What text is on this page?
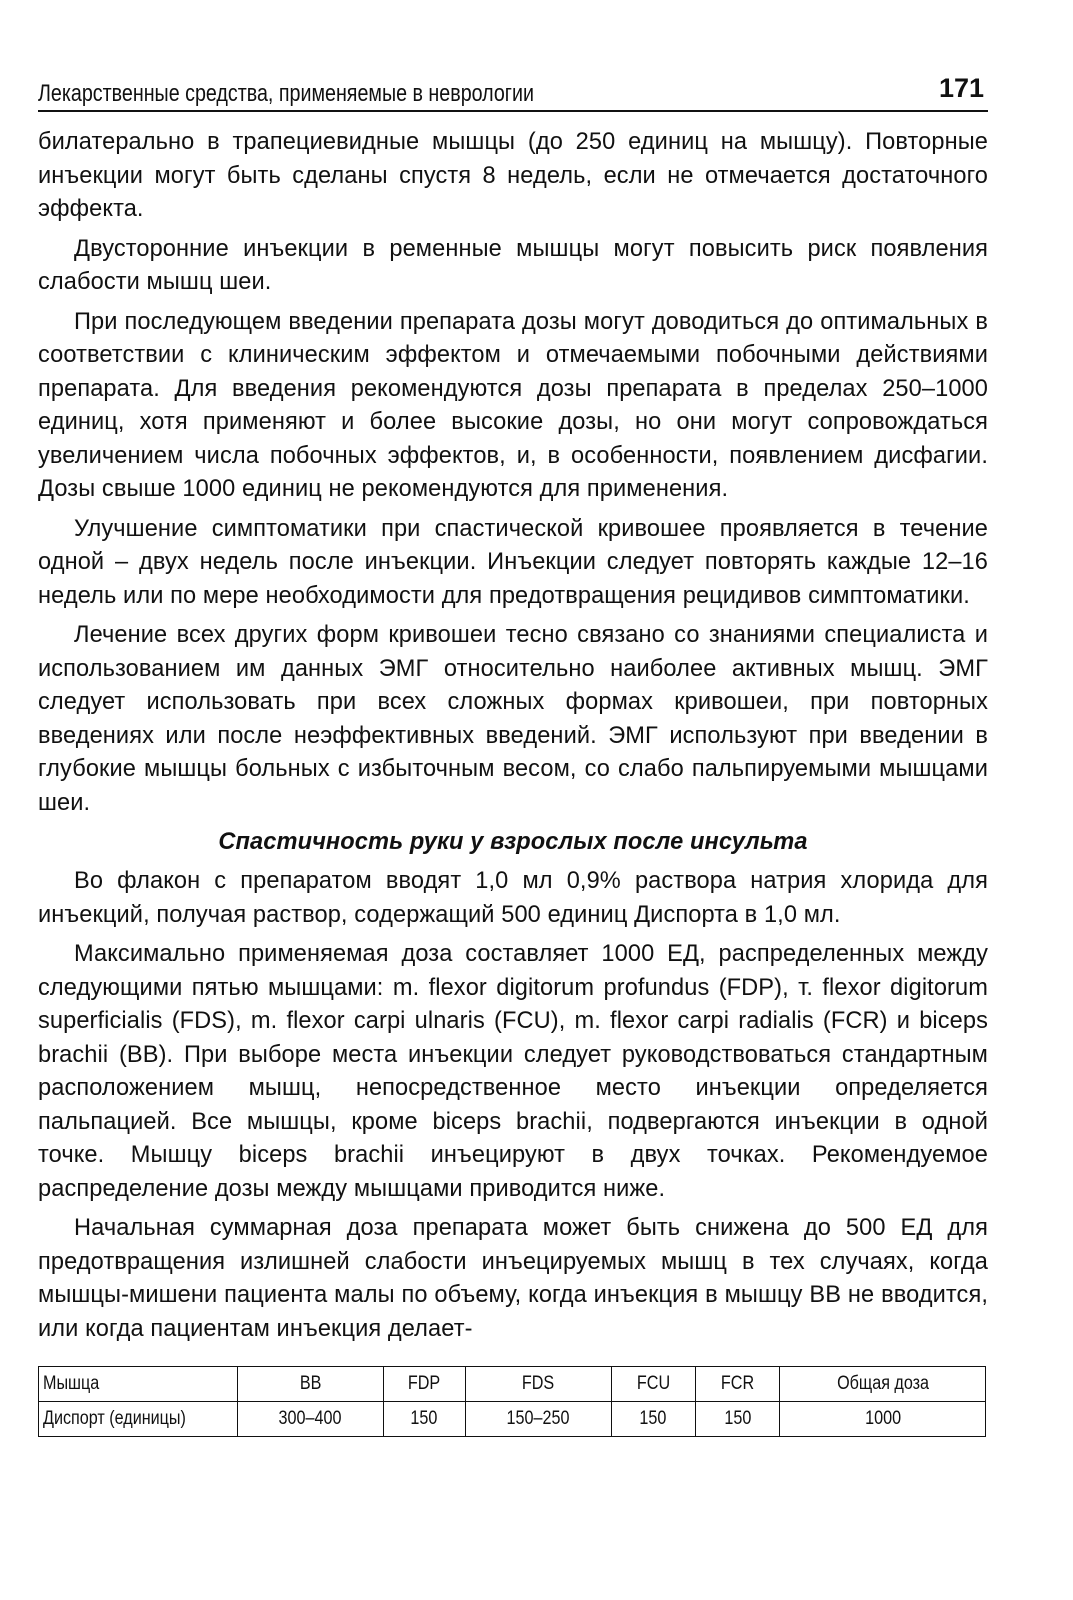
Лекарственные средства, применяемые в неврологии	171

билатерально в трапециевидные мышцы (до 250 единиц на мышцу). Повторные инъекции могут быть сделаны спустя 8 недель, если не отмечается достаточного эффекта.

Двусторонние инъекции в ременные мышцы могут повысить риск появления слабости мышц шеи.

При последующем введении препарата дозы могут доводиться до оптимальных в соответствии с клиническим эффектом и отмечаемыми побочными действиями препарата. Для введения рекомендуются дозы препарата в пределах 250–1000 единиц, хотя применяют и более высокие дозы, но они могут сопровождаться увеличением числа побочных эффектов, и, в особенности, появлением дисфагии. Дозы свыше 1000 единиц не рекомендуются для применения.

Улучшение симптоматики при спастической кривошее проявляется в течение одной – двух недель после инъекции. Инъекции следует повторять каждые 12–16 недель или по мере необходимости для предотвращения рецидивов симптоматики.

Лечение всех других форм кривошеи тесно связано со знаниями специалиста и использованием им данных ЭМГ относительно наиболее активных мышц. ЭМГ следует использовать при всех сложных формах кривошеи, при повторных введениях или после неэффективных введений. ЭМГ используют при введении в глубокие мышцы больных с избыточным весом, со слабо пальпируемыми мышцами шеи.

Спастичность руки у взрослых после инсульта

Во флакон с препаратом вводят 1,0 мл 0,9% раствора натрия хлорида для инъекций, получая раствор, содержащий 500 единиц Диспорта в 1,0 мл.

Максимально применяемая доза составляет 1000 ЕД, распределенных между следующими пятью мышцами: m. flexor digitorum profundus (FDP), т. flexor digitorum superficialis (FDS), m. flexor carpi ulnaris (FCU), m. flexor carpi radialis (FCR) и biceps brachii (BB). При выборе места инъекции следует руководствоваться стандартным расположением мышц, непосредственное место инъекции определяется пальпацией. Все мышцы, кроме biceps brachii, подвергаются инъекции в одной точке. Мышцу biceps brachii инъецируют в двух точках. Рекомендуемое распределение дозы между мышцами приводится ниже.

Начальная суммарная доза препарата может быть снижена до 500 ЕД для предотвращения излишней слабости инъецируемых мышц в тех случаях, когда мышцы-мишени пациента малы по объему, когда инъекция в мышцу BB не вводится, или когда пациентам инъекция делает-

Мышца	BB	FDP	FDS	FCU	FCR	Общая доза
Диспорт (единицы)	300–400	150	150–250	150	150	1000
